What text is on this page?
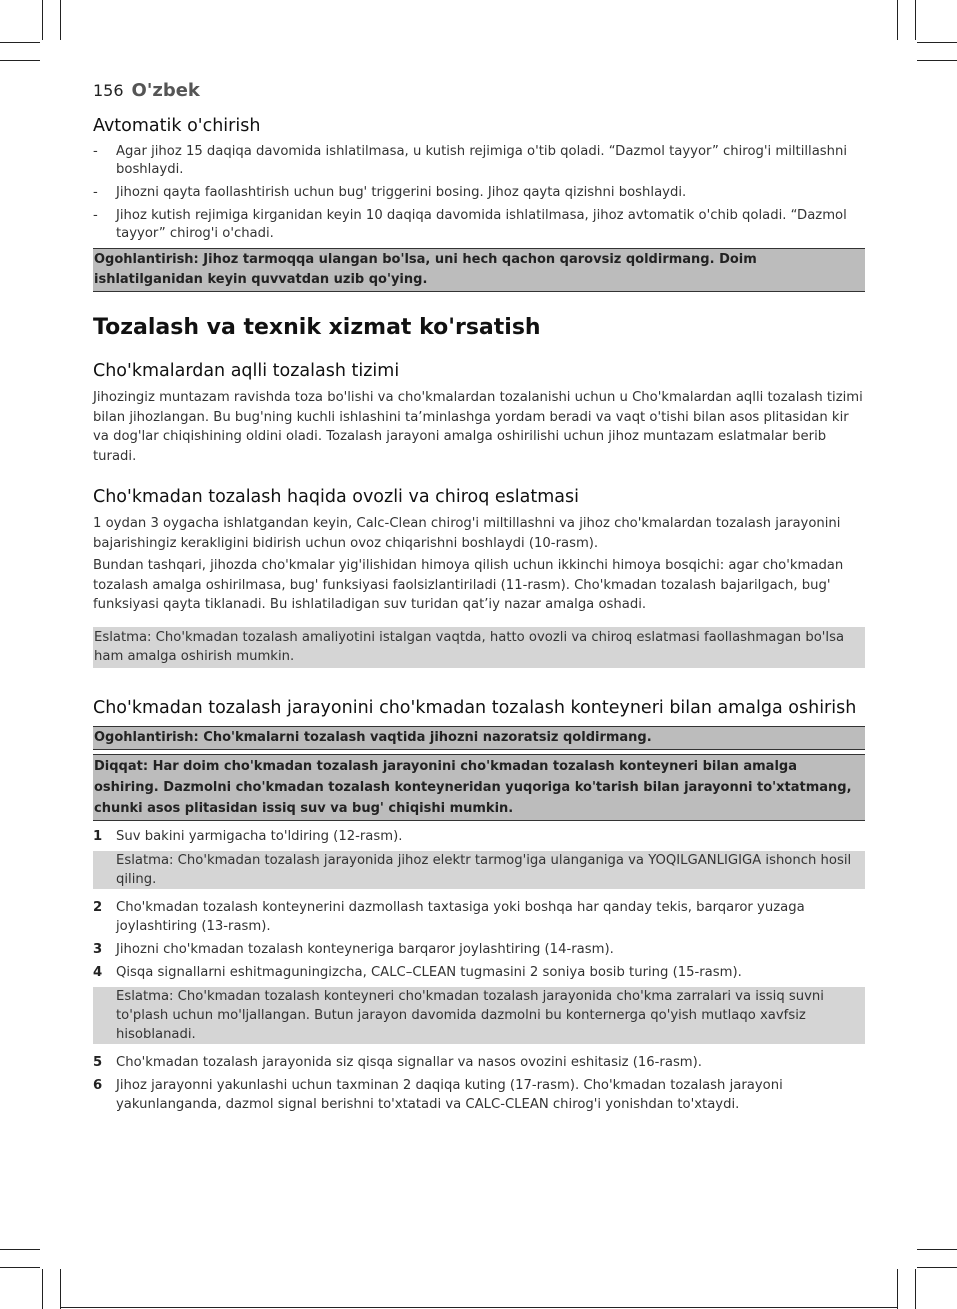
156 O'zbek
Avtomatik o'chirish
- Agar jihoz 15 daqiqa davomida ishlatilmasa, u kutish rejimiga o'tib qoladi. “Dazmol tayyor” chirog'i miltillashni boshlaydi.
- Jihozni qayta faollashtirish uchun bug' triggerini bosing. Jihoz qayta qizishni boshlaydi.
- Jihoz kutish rejimiga kirganidan keyin 10 daqiqa davomida ishlatilmasa, jihoz avtomatik o'chib qoladi. “Dazmol tayyor” chirog'i o'chadi.
Ogohlantirish: Jihoz tarmoqqa ulangan bo'lsa, uni hech qachon qarovsiz qoldirmang. Doim ishlatilganidan keyin quvvatdan uzib qo'ying.
Tozalash va texnik xizmat ko'rsatish
Cho'kmalardan aqlli tozalash tizimi

Jihozingiz muntazam ravishda toza bo'lishi va cho'kmalardan tozalanishi uchun u Cho'kmalardan aqlli tozalash tizimi bilan jihozlangan. Bu bug'ning kuchli ishlashini ta’minlashga yordam beradi va vaqt o'tishi bilan asos plitasidan kir va dog'lar chiqishining oldini oladi. Tozalash jarayoni amalga oshirilishi uchun jihoz muntazam eslatmalar berib turadi.

Cho'kmadan tozalash haqida ovozli va chiroq eslatmasi

1 oydan 3 oygacha ishlatgandan keyin, Calc-Clean chirog'i miltillashni va jihoz cho'kmalardan tozalash jarayonini bajarishingiz kerakligini bidirish uchun ovoz chiqarishni boshlaydi (10-rasm).

Bundan tashqari, jihozda cho'kmalar yig'ilishidan himoya qilish uchun ikkinchi himoya bosqichi: agar cho'kmadan tozalash amalga oshirilmasa, bug' funksiyasi faolsizlantiriladi (11-rasm). Cho'kmadan tozalash bajarilgach, bug' funksiyasi qayta tiklanadi. Bu ishlatiladigan suv turidan qat’iy nazar amalga oshadi.

Eslatma: Cho'kmadan tozalash amaliyotini istalgan vaqtda, hatto ovozli va chiroq eslatmasi faollashmagan bo'lsa ham amalga oshirish mumkin.
Cho'kmadan tozalash jarayonini cho'kmadan tozalash konteyneri bilan amalga oshirish
Ogohlantirish: Cho'kmalarni tozalash vaqtida jihozni nazoratsiz qoldirmang.
Diqqat: Har doim cho'kmadan tozalash jarayonini cho'kmadan tozalash konteyneri bilan amalga oshiring. Dazmolni cho'kmadan tozalash konteyneridan yuqoriga ko'tarish bilan jarayonni to'xtatmang, chunki asos plitasidan issiq suv va bug' chiqishi mumkin.
1 Suv bakini yarmigacha to'ldiring (12-rasm).
Eslatma: Cho'kmadan tozalash jarayonida jihoz elektr tarmog'iga ulanganiga va YOQILGANLIGIGA ishonch hosil qiling.
2 Cho'kmadan tozalash konteynerini dazmollash taxtasiga yoki boshqa har qanday tekis, barqaror yuzaga joylashtiring (13-rasm).
3 Jihozni cho'kmadan tozalash konteyneriga barqaror joylashtiring (14-rasm).
4 Qisqa signallarni eshitmaguningizcha, CALC–CLEAN tugmasini 2 soniya bosib turing (15-rasm).
Eslatma: Cho'kmadan tozalash konteyneri cho'kmadan tozalash jarayonida cho'kma zarralari va issiq suvni to'plash uchun mo'ljallangan. Butun jarayon davomida dazmolni bu konternerga qo'yish mutlaqo xavfsiz hisoblanadi.
5 Cho'kmadan tozalash jarayonida siz qisqa signallar va nasos ovozini eshitasiz (16-rasm).
6 Jihoz jarayonni yakunlashi uchun taxminan 2 daqiqa kuting (17-rasm). Cho'kmadan tozalash jarayoni yakunlanganda, dazmol signal berishni to'xtatadi va CALC-CLEAN chirog'i yonishdan to'xtaydi.
